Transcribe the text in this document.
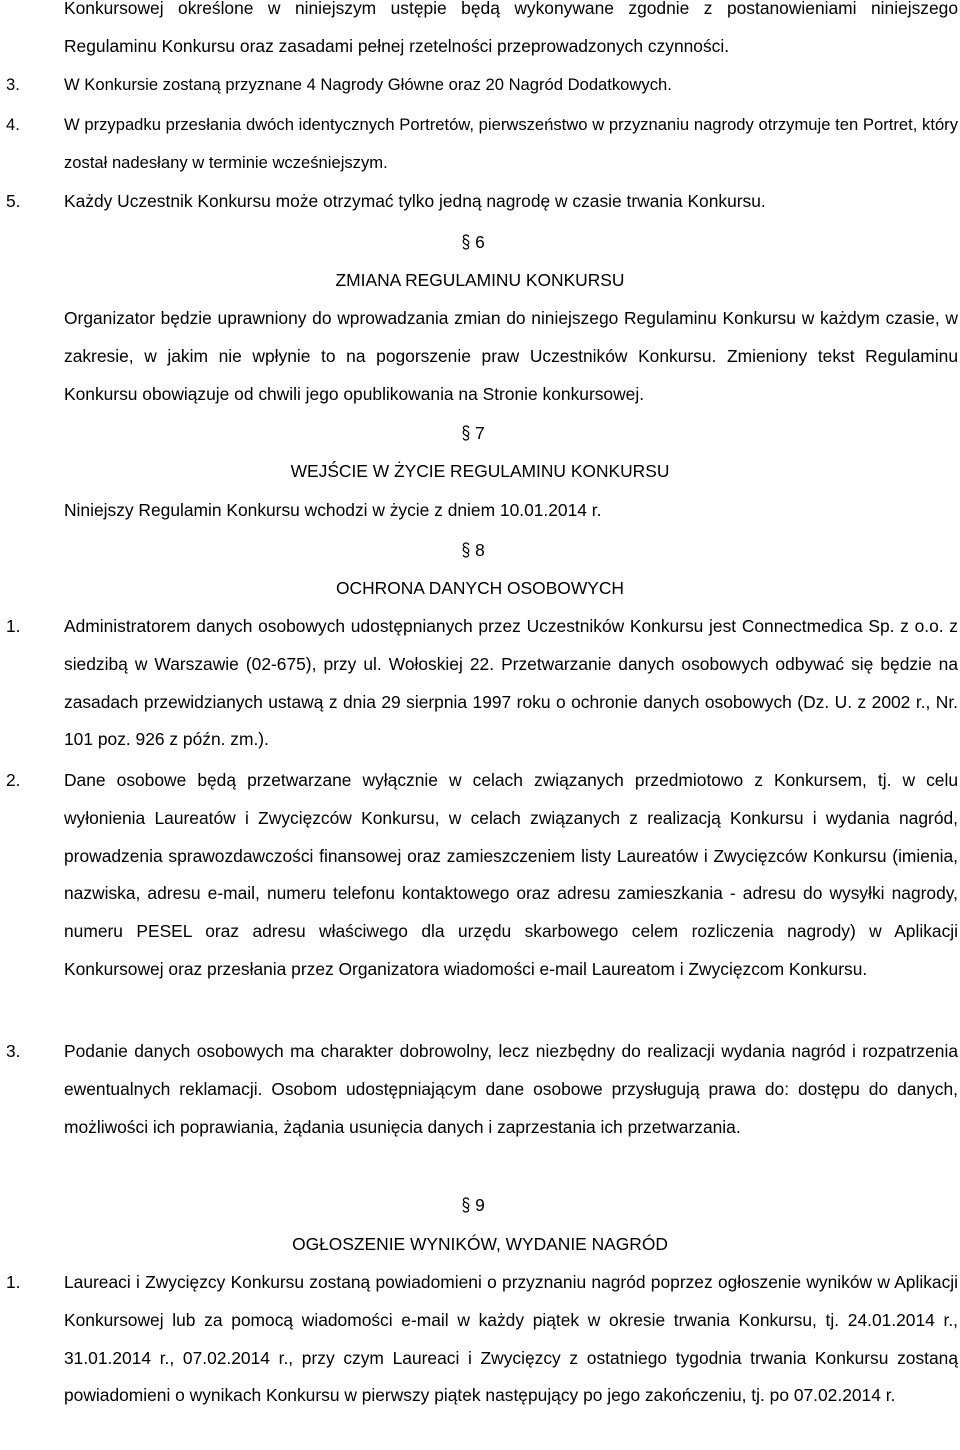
Konkursowej określone w niniejszym ustępie będą wykonywane zgodnie z postanowieniami niniejszego Regulaminu Konkursu oraz zasadami pełnej rzetelności przeprowadzonych czynności.
3.	W Konkursie zostaną przyznane 4 Nagrody Główne oraz 20 Nagród Dodatkowych.
4.	W przypadku przesłania dwóch identycznych Portretów, pierwszeństwo w przyznaniu nagrody otrzymuje ten Portret, który został nadesłany w terminie wcześniejszym.
5. Każdy Uczestnik Konkursu może otrzymać tylko jedną nagrodę w czasie trwania Konkursu.
6
ZMIANA REGULAMINU KONKURSU
Organizator będzie uprawniony do wprowadzania zmian do niniejszego Regulaminu Konkursu w każdym czasie, w zakresie, w jakim nie wpłynie to na pogorszenie praw Uczestników Konkursu. Zmieniony tekst Regulaminu Konkursu obowiązuje od chwili jego opublikowania na Stronie konkursowej.
7
WEJŚCIE W ŻYCIE REGULAMINU KONKURSU
Niniejszy Regulamin Konkursu wchodzi w życie z dniem 10.01.2014 r.
8
OCHRONA DANYCH OSOBOWYCH
1. Administratorem danych osobowych udostępnianych przez Uczestników Konkursu jest Connectmedica Sp. z o.o. z siedzibą w Warszawie (02-675), przy ul. Wołoskiej 22. Przetwarzanie danych osobowych odbywać się będzie na zasadach przewidzianych ustawą z dnia 29 sierpnia 1997 roku o ochronie danych osobowych (Dz. U. z 2002 r., Nr. 101 poz. 926 z późn. zm.).
2. Dane osobowe będą przetwarzane wyłącznie w celach związanych przedmiotowo z Konkursem, tj. w celu wyłonienia Laureatów i Zwycięzców Konkursu, w celach związanych z realizacją Konkursu i wydania nagród, prowadzenia sprawozdawczości finansowej oraz zamieszczeniem listy Laureatów i Zwycięzców Konkursu (imienia, nazwiska, adresu e-mail, numeru telefonu kontaktowego oraz adresu zamieszkania - adresu do wysyłki nagrody, numeru PESEL oraz adresu właściwego dla urzędu skarbowego celem rozliczenia nagrody) w Aplikacji Konkursowej oraz przesłania przez Organizatora wiadomości e-mail Laureatom i Zwycięzcom Konkursu.
3. Podanie danych osobowych ma charakter dobrowolny, lecz niezbędny do realizacji wydania nagród i rozpatrzenia ewentualnych reklamacji. Osobom udostępniającym dane osobowe przysługują prawa do: dostępu do danych, możliwości ich poprawiania, żądania usunięcia danych i zaprzestania ich przetwarzania.
9
OGŁOSZENIE WYNIKÓW, WYDANIE NAGRÓD
1. Laureaci i Zwycięzcy Konkursu zostaną powiadomieni o przyznaniu nagród poprzez ogłoszenie wyników w Aplikacji Konkursowej lub za pomocą wiadomości e-mail w każdy piątek w okresie trwania Konkursu, tj. 24.01.2014 r., 31.01.2014 r., 07.02.2014 r., przy czym Laureaci i Zwycięzcy z ostatniego tygodnia trwania Konkursu zostaną powiadomieni o wynikach Konkursu w pierwszy piątek następujący po jego zakończeniu, tj. po 07.02.2014 r.
